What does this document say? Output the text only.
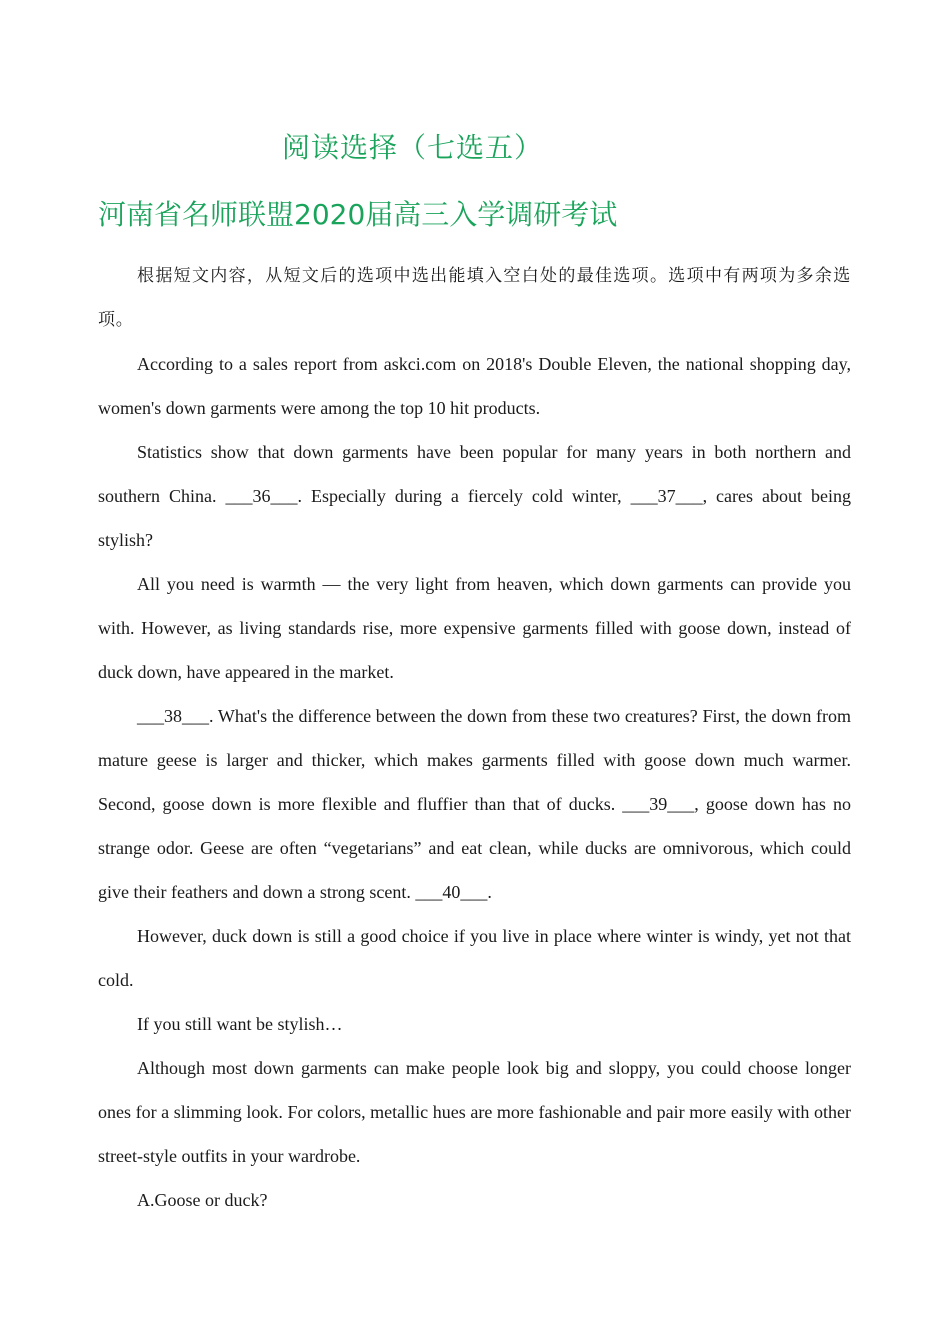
阅读选择（七选五）
河南省名师联盟2020届高三入学调研考试

根据短文内容，从短文后的选项中选出能填入空白处的最佳选项。选项中有两项为多余选项。

According to a sales report from askci.com on 2018's Double Eleven, the national shopping day, women's down garments were among the top 10 hit products.

Statistics show that down garments have been popular for many years in both northern and southern China. ___36___. Especially during a fiercely cold winter, ___37___, cares about being stylish?

All you need is warmth — the very light from heaven, which down garments can provide you with. However, as living standards rise, more expensive garments filled with goose down, instead of duck down, have appeared in the market.

___38___. What's the difference between the down from these two creatures? First, the down from mature geese is larger and thicker, which makes garments filled with goose down much warmer. Second, goose down is more flexible and fluffier than that of ducks. ___39___, goose down has no strange odor. Geese are often “vegetarians” and eat clean, while ducks are omnivorous, which could give their feathers and down a strong scent. ___40___.

However, duck down is still a good choice if you live in place where winter is windy, yet not that cold.

If you still want be stylish…

Although most down garments can make people look big and sloppy, you could choose longer ones for a slimming look. For colors, metallic hues are more fashionable and pair more easily with other street-style outfits in your wardrobe.

A.Goose or duck?
